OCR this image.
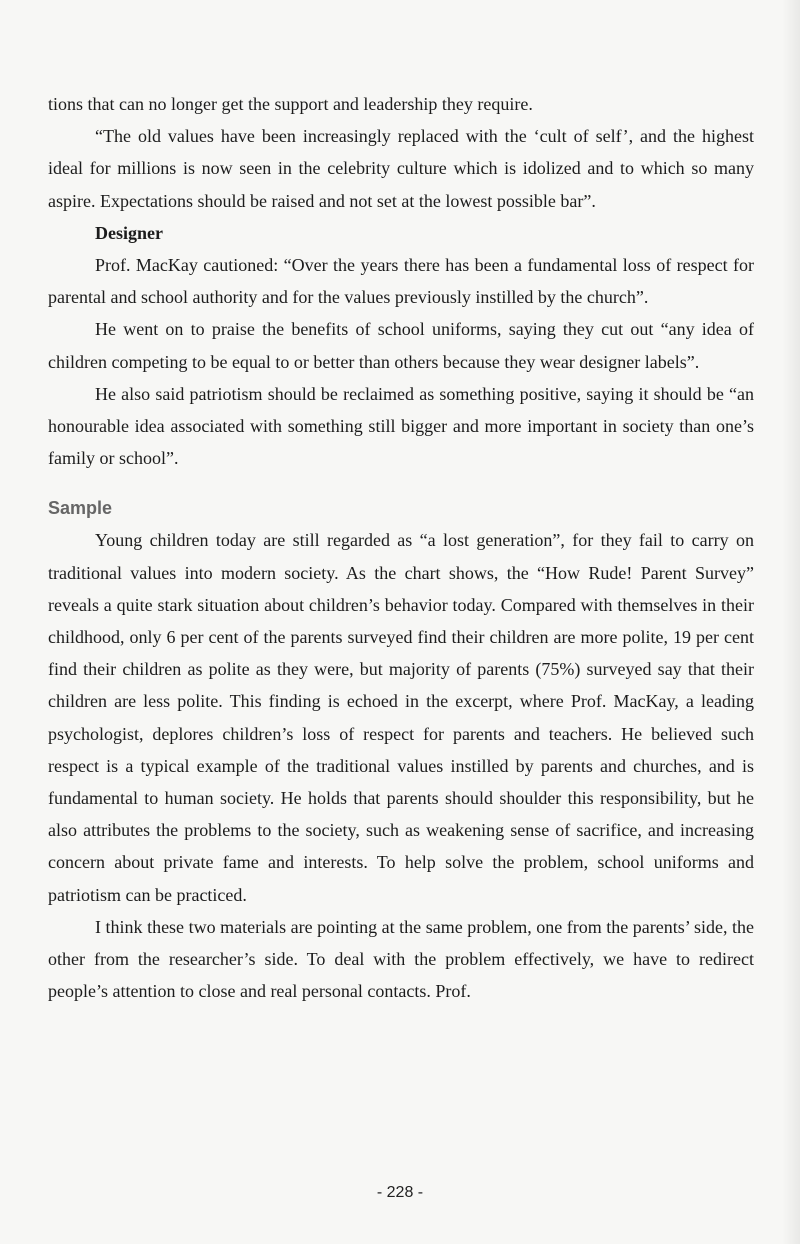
tions that can no longer get the support and leadership they require.

“The old values have been increasingly replaced with the ‘cult of self’, and the highest ideal for millions is now seen in the celebrity culture which is idolized and to which so many aspire. Expectations should be raised and not set at the lowest possible bar”.

Designer

Prof. MacKay cautioned: “Over the years there has been a fundamental loss of respect for parental and school authority and for the values previously instilled by the church”.

He went on to praise the benefits of school uniforms, saying they cut out “any idea of children competing to be equal to or better than others because they wear designer labels”.

He also said patriotism should be reclaimed as something positive, saying it should be “an honourable idea associated with something still bigger and more important in society than one’s family or school”.

Sample

Young children today are still regarded as “a lost generation”, for they fail to carry on traditional values into modern society. As the chart shows, the “How Rude! Parent Survey” reveals a quite stark situation about children’s behavior today. Compared with themselves in their childhood, only 6 per cent of the parents surveyed find their children are more polite, 19 per cent find their children as polite as they were, but majority of parents (75%) surveyed say that their children are less polite. This finding is echoed in the excerpt, where Prof. MacKay, a leading psychologist, deplores children’s loss of respect for parents and teachers. He believed such respect is a typical example of the traditional values instilled by parents and churches, and is fundamental to human society. He holds that parents should shoulder this responsibility, but he also attributes the problems to the society, such as weakening sense of sacrifice, and increasing concern about private fame and interests. To help solve the problem, school uniforms and patriotism can be practiced.

I think these two materials are pointing at the same problem, one from the parents’ side, the other from the researcher’s side. To deal with the problem effectively, we have to redirect people’s attention to close and real personal contacts. Prof.

- 228 -
